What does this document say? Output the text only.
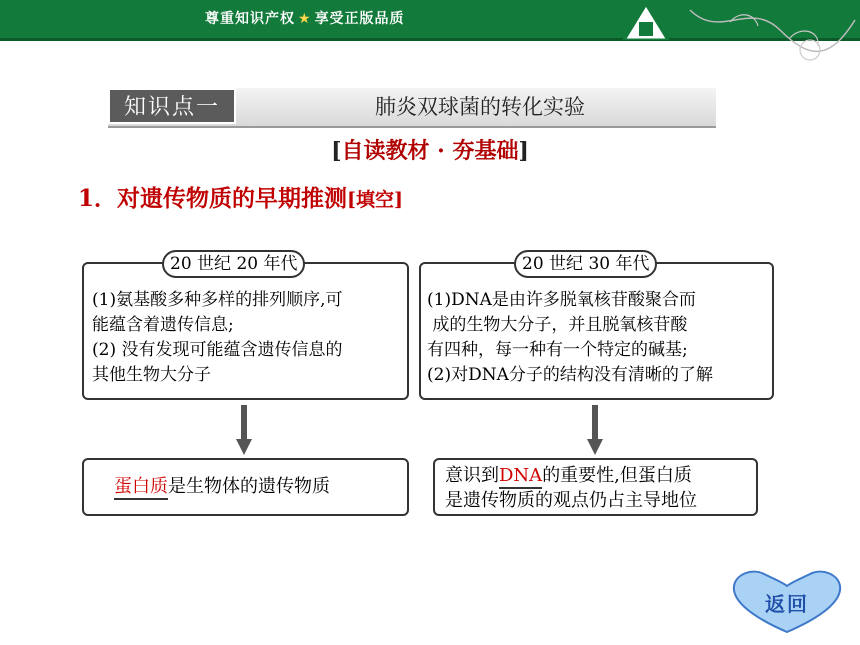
尊重知识产权 ★ 享受正版品质
知识点一	肺炎双球菌的转化实验
[自读教材 · 夯基础]
1．对遗传物质的早期推测[填空]

(1)氨基酸多种多样的排列顺序,可

能蕴含着遗传信息;

(2) 没有发现可能蕴含遗传信息的

其他生物大分子

20 世纪 20 年代

(1)DNA是由许多脱氧核苷酸聚合而

成的生物大分子，并且脱氧核苷酸

有四种，每一种有一个特定的碱基;

(2)对DNA分子的结构没有清晰的了解

20 世纪 30 年代
蛋白质是生物体的遗传物质

意识到DNA的重要性,但蛋白质

是遗传物质的观点仍占主导地位

返回
